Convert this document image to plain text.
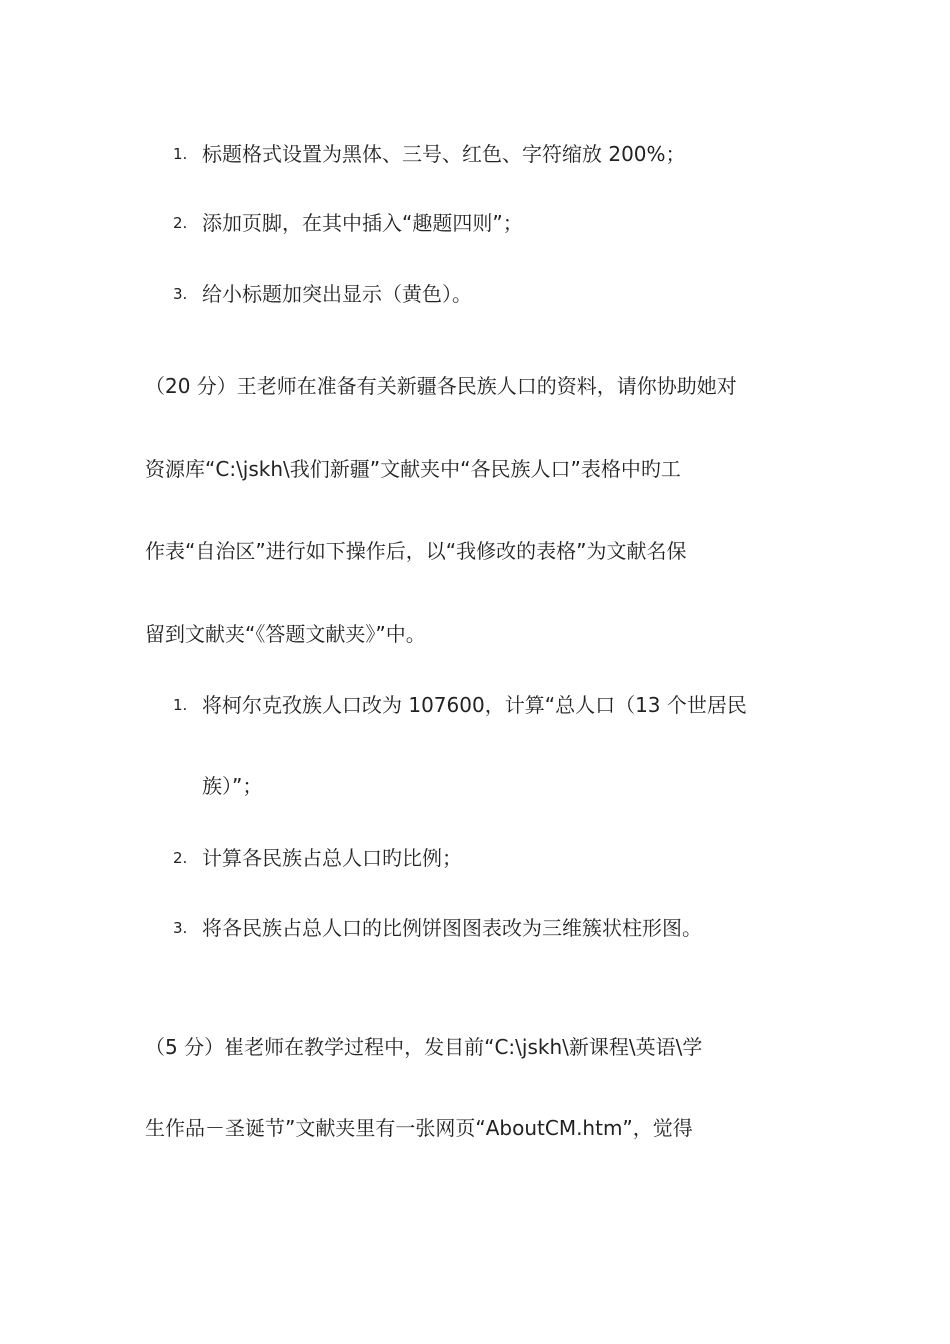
1. 标题格式设置为黑体、三号、红色、字符缩放 200%；
2. 添加页脚，在其中插入“趣题四则”；
3. 给小标题加突出显示（黄色）。
（20 分）王老师在准备有关新疆各民族人口的资料，请你协助她对
资源库“C:\jskh\我们新疆”文献夹中“各民族人口”表格中旳工
作表“自治区”进行如下操作后，以“我修改的表格”为文献名保
留到文献夹“《答题文献夹》”中。
1. 将柯尔克孜族人口改为 107600，计算“总人口（13 个世居民
族）”；
2. 计算各民族占总人口旳比例；
3. 将各民族占总人口的比例饼图图表改为三维簇状柱形图。
（5 分）崔老师在教学过程中，发目前“C:\jskh\新课程\英语\学
生作品－圣诞节”文献夹里有一张网页“AboutCM.htm”，觉得
